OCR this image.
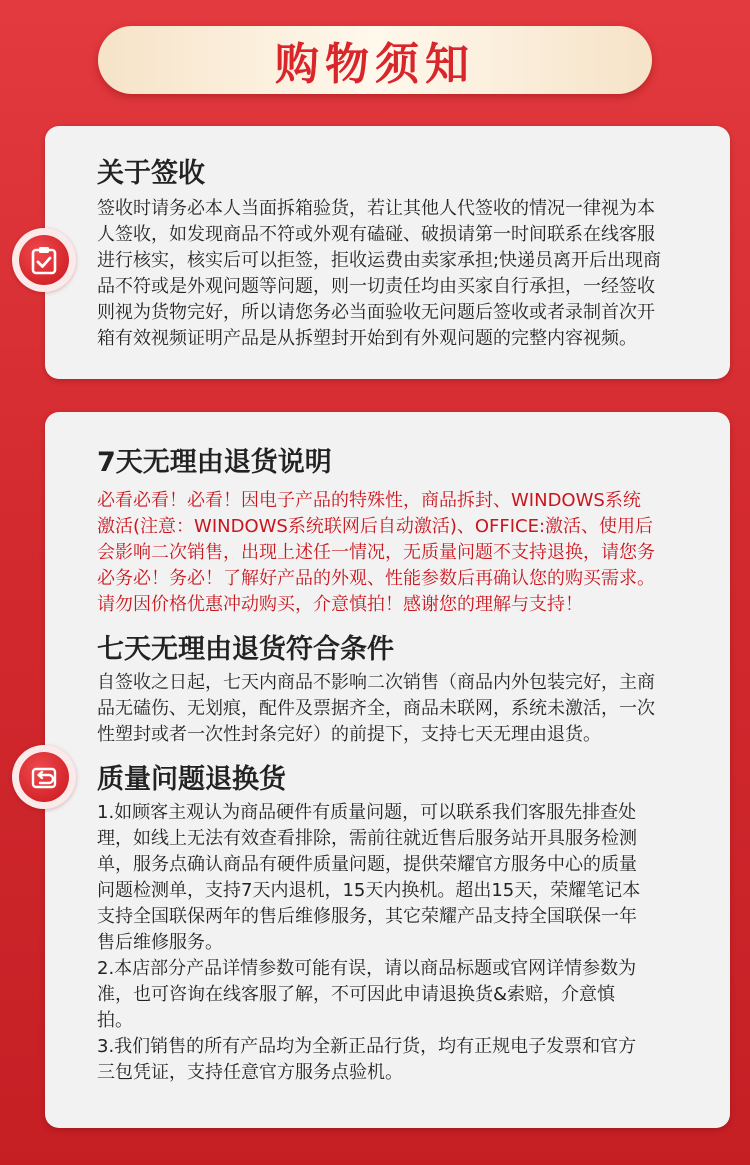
购物须知
关于签收

签收时请务必本人当面拆箱验货，若让其他人代签收的情况一律视为本

人签收，如发现商品不符或外观有磕碰、破损请第一时间联系在线客服

进行核实，核实后可以拒签，拒收运费由卖家承担;快递员离开后出现商

品不符或是外观问题等问题，则一切责任均由买家自行承担，一经签收

则视为货物完好，所以请您务必当面验收无问题后签收或者录制首次开

箱有效视频证明产品是从拆塑封开始到有外观问题的完整内容视频。

7天无理由退货说明

必看必看！必看！因电子产品的特殊性，商品拆封、WINDOWS系统

激活(注意：WINDOWS系统联网后自动激活)、OFFICE:激活、使用后

会影响二次销售，出现上述任一情况，无质量问题不支持退换，请您务

必务必！务必！了解好产品的外观、性能参数后再确认您的购买需求。

请勿因价格优惠冲动购买，介意慎拍！感谢您的理解与支持！

七天无理由退货符合条件

自签收之日起，七天内商品不影响二次销售（商品内外包装完好，主商

品无磕伤、无划痕，配件及票据齐全，商品未联网，系统未激活，一次

性塑封或者一次性封条完好）的前提下，支持七天无理由退货。

质量问题退换货

1.如顾客主观认为商品硬件有质量问题，可以联系我们客服先排查处

理，如线上无法有效查看排除，需前往就近售后服务站开具服务检测

单，服务点确认商品有硬件质量问题，提供荣耀官方服务中心的质量

问题检测单，支持7天内退机，15天内换机。超出15天，荣耀笔记本

支持全国联保两年的售后维修服务，其它荣耀产品支持全国联保一年

售后维修服务。

2.本店部分产品详情参数可能有误，请以商品标题或官网详情参数为

准，也可咨询在线客服了解，不可因此申请退换货&索赔，介意慎

拍。

3.我们销售的所有产品均为全新正品行货，均有正规电子发票和官方

三包凭证，支持任意官方服务点验机。
